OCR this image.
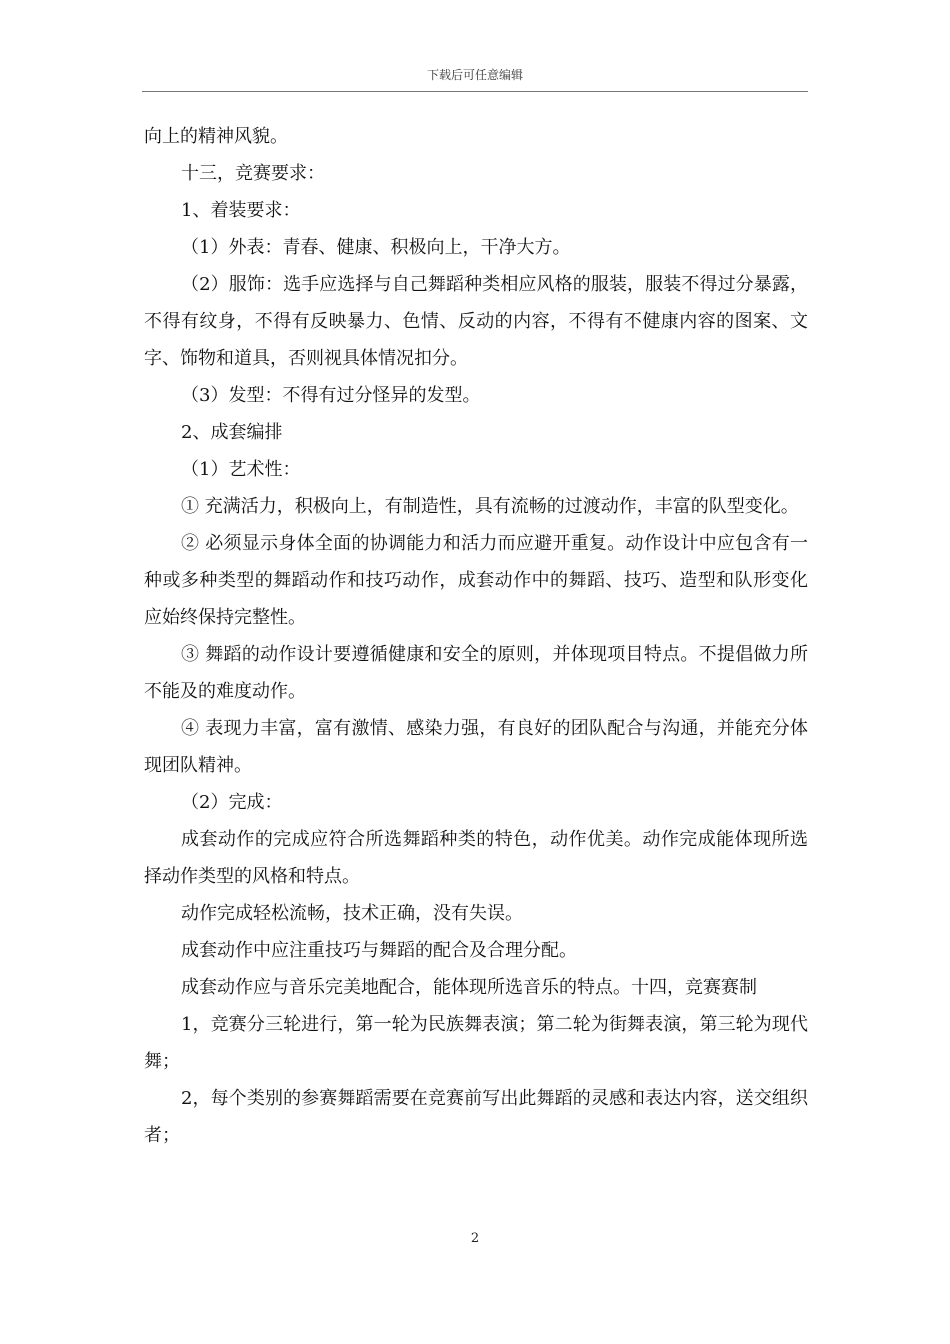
下载后可任意编辑

向上的精神风貌。

十三，竞赛要求：

1、着装要求：

（1）外表：青春、健康、积极向上，干净大方。

（2）服饰：选手应选择与自己舞蹈种类相应风格的服装，服装不得过分暴露，不得有纹身，不得有反映暴力、色情、反动的内容，不得有不健康内容的图案、文字、饰物和道具，否则视具体情况扣分。

（3）发型：不得有过分怪异的发型。

2、成套编排

（1）艺术性：

① 充满活力，积极向上，有制造性，具有流畅的过渡动作，丰富的队型变化。

② 必须显示身体全面的协调能力和活力而应避开重复。动作设计中应包含有一种或多种类型的舞蹈动作和技巧动作，成套动作中的舞蹈、技巧、造型和队形变化应始终保持完整性。

③ 舞蹈的动作设计要遵循健康和安全的原则，并体现项目特点。不提倡做力所不能及的难度动作。

④ 表现力丰富，富有激情、感染力强，有良好的团队配合与沟通，并能充分体现团队精神。

（2）完成：

成套动作的完成应符合所选舞蹈种类的特色，动作优美。动作完成能体现所选择动作类型的风格和特点。

动作完成轻松流畅，技术正确，没有失误。

成套动作中应注重技巧与舞蹈的配合及合理分配。

成套动作应与音乐完美地配合，能体现所选音乐的特点。十四，竞赛赛制

1，竞赛分三轮进行，第一轮为民族舞表演；第二轮为街舞表演，第三轮为现代舞；

2，每个类别的参赛舞蹈需要在竞赛前写出此舞蹈的灵感和表达内容，送交组织者；

2
